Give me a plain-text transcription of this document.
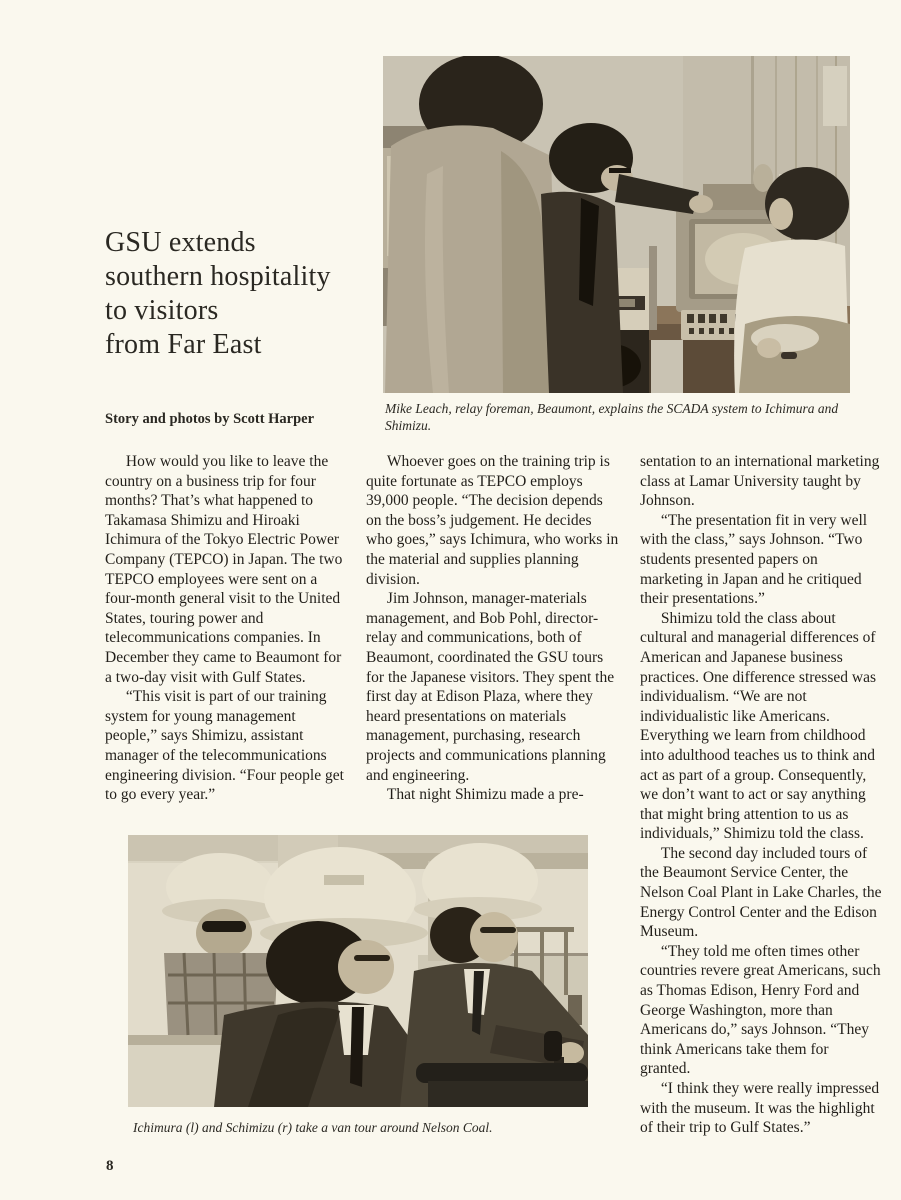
GSU extends
southern hospitality
to visitors
from Far East
Story and photos by Scott Harper
Mike Leach, relay foreman, Beaumont, explains the SCADA system to Ichimura and Shimizu.

How would you like to leave the country on a business trip for four months? That’s what happened to Takamasa Shimizu and Hiroaki Ichimura of the Tokyo Electric Power Company (TEPCO) in Japan. The two TEPCO employees were sent on a four-month general visit to the United States, touring power and telecommunications companies. In December they came to Beaumont for a two-day visit with Gulf States.

“This visit is part of our training system for young management people,” says Shimizu, assistant manager of the telecommunications engineering division. “Four people get to go every year.”

Whoever goes on the training trip is quite fortunate as TEPCO employs 39,000 people. “The decision depends on the boss’s judgement. He decides who goes,” says Ichimura, who works in the material and supplies planning division.

Jim Johnson, manager-materials management, and Bob Pohl, director-relay and communications, both of Beaumont, coordinated the GSU tours for the Japanese visitors. They spent the first day at Edison Plaza, where they heard presentations on materials management, purchasing, research projects and communications planning and engineering.

That night Shimizu made a pre-

sentation to an international marketing class at Lamar University taught by Johnson.

“The presentation fit in very well with the class,” says Johnson. “Two students presented papers on marketing in Japan and he critiqued their presentations.”

Shimizu told the class about cultural and managerial differences of American and Japanese business practices. One difference stressed was individualism. “We are not individualistic like Americans. Everything we learn from childhood into adulthood teaches us to think and act as part of a group. Consequently, we don’t want to act or say anything that might bring attention to us as individuals,” Shimizu told the class.

The second day included tours of the Beaumont Service Center, the Nelson Coal Plant in Lake Charles, the Energy Control Center and the Edison Museum.

“They told me often times other countries revere great Americans, such as Thomas Edison, Henry Ford and George Washington, more than Americans do,” says Johnson. “They think Americans take them for granted.

“I think they were really impressed with the museum. It was the highlight of their trip to Gulf States.”

Ichimura (l) and Schimizu (r) take a van tour around Nelson Coal.
8
